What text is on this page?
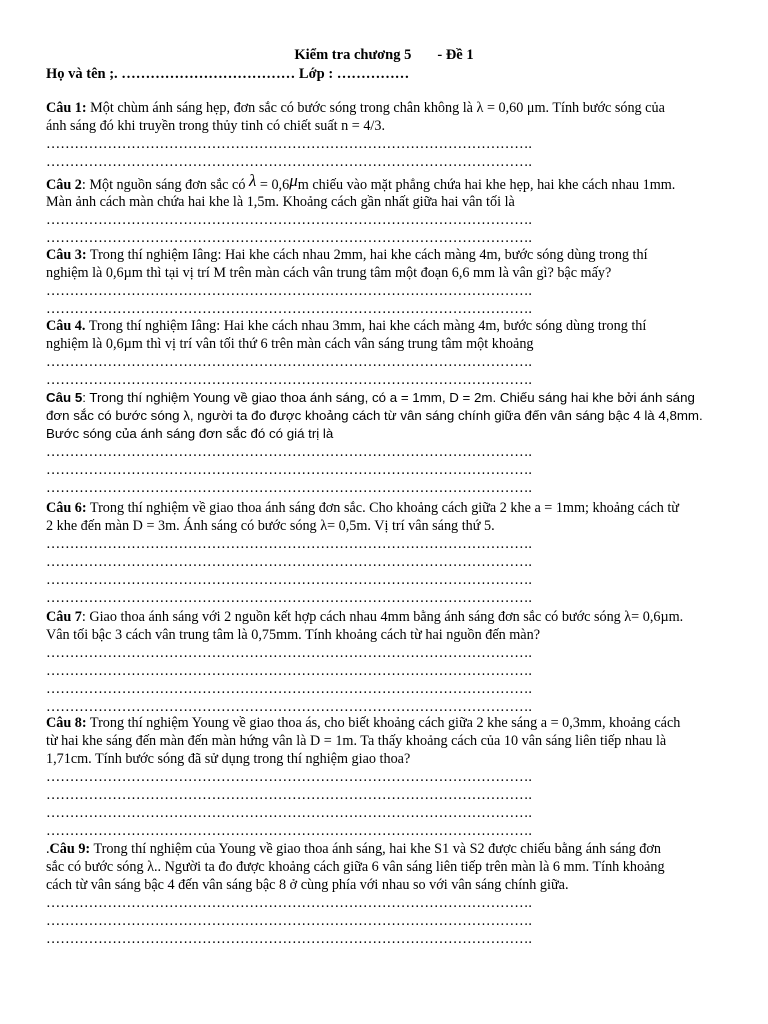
Kiểm tra chương 5 - Đề 1
Họ và tên ;. ……………………………… Lớp : ……………
Câu 1: Một chùm ánh sáng hẹp, đơn sắc có bước sóng trong chân không là λ = 0,60 μm. Tính bước sóng của
ánh sáng đó khi truyền trong thủy tinh có chiết suất n = 4/3.
………………………………………………………………………………………….
………………………………………………………………………………………….
Câu 2: Một nguồn sáng đơn sắc có λ = 0,6μm chiếu vào mặt phẳng chứa hai khe hẹp, hai khe cách nhau 1mm.
Màn ảnh cách màn chứa hai khe là 1,5m. Khoảng cách gần nhất giữa hai vân tối là
………………………………………………………………………………………….
………………………………………………………………………………………….
Câu 3: Trong thí nghiệm Iâng: Hai khe cách nhau 2mm, hai khe cách màng 4m, bước sóng dùng trong thí
nghiệm là 0,6µm thì tại vị trí M trên màn cách vân trung tâm một đoạn 6,6 mm là vân gì? bậc mấy?
………………………………………………………………………………………….
………………………………………………………………………………………….
Câu 4. Trong thí nghiệm Iâng: Hai khe cách nhau 3mm, hai khe cách màng 4m, bước sóng dùng trong thí
nghiệm là 0,6µm thì vị trí vân tối thứ 6 trên màn cách vân sáng trung tâm một khoảng
………………………………………………………………………………………….
………………………………………………………………………………………….
Câu 5: Trong thí nghiệm Young về giao thoa ánh sáng, có a = 1mm, D = 2m. Chiếu sáng hai khe bởi ánh sáng
đơn sắc có bước sóng λ, người ta đo được khoảng cách từ vân sáng chính giữa đến vân sáng bậc 4 là 4,8mm.
Bước sóng của ánh sáng đơn sắc đó có giá trị là
………………………………………………………………………………………….
………………………………………………………………………………………….
………………………………………………………………………………………….
Câu 6: Trong thí nghiệm về giao thoa ánh sáng đơn sắc. Cho khoảng cách giữa 2 khe a = 1mm; khoảng cách từ
2 khe đến màn D = 3m. Ánh sáng có bước sóng λ= 0,5m. Vị trí vân sáng thứ 5.
………………………………………………………………………………………….
………………………………………………………………………………………….
………………………………………………………………………………………….
………………………………………………………………………………………….
Câu 7: Giao thoa ánh sáng với 2 nguồn kết hợp cách nhau 4mm bằng ánh sáng đơn sắc có bước sóng λ= 0,6µm.
Vân tối bậc 3 cách vân trung tâm là 0,75mm. Tính khoảng cách từ hai nguồn đến màn?
………………………………………………………………………………………….
………………………………………………………………………………………….
………………………………………………………………………………………….
………………………………………………………………………………………….
Câu 8: Trong thí nghiệm Young về giao thoa ás, cho biết khoảng cách giữa 2 khe sáng a = 0,3mm, khoảng cách
từ hai khe sáng đến màn đến màn hứng vân là D = 1m. Ta thấy khoảng cách của 10 vân sáng liên tiếp nhau là
1,71cm. Tính bước sóng đã sử dụng trong thí nghiệm giao thoa?
………………………………………………………………………………………….
………………………………………………………………………………………….
………………………………………………………………………………………….
………………………………………………………………………………………….
.Câu 9: Trong thí nghiệm của Young về giao thoa ánh sáng, hai khe S1 và S2 được chiếu bằng ánh sáng đơn
sắc có bước sóng λ.. Người ta đo được khoảng cách giữa 6 vân sáng liên tiếp trên màn là 6 mm. Tính khoảng
cách từ vân sáng bậc 4 đến vân sáng bậc 8 ở cùng phía với nhau so với vân sáng chính giữa.
………………………………………………………………………………………….
………………………………………………………………………………………….
………………………………………………………………………………………….
